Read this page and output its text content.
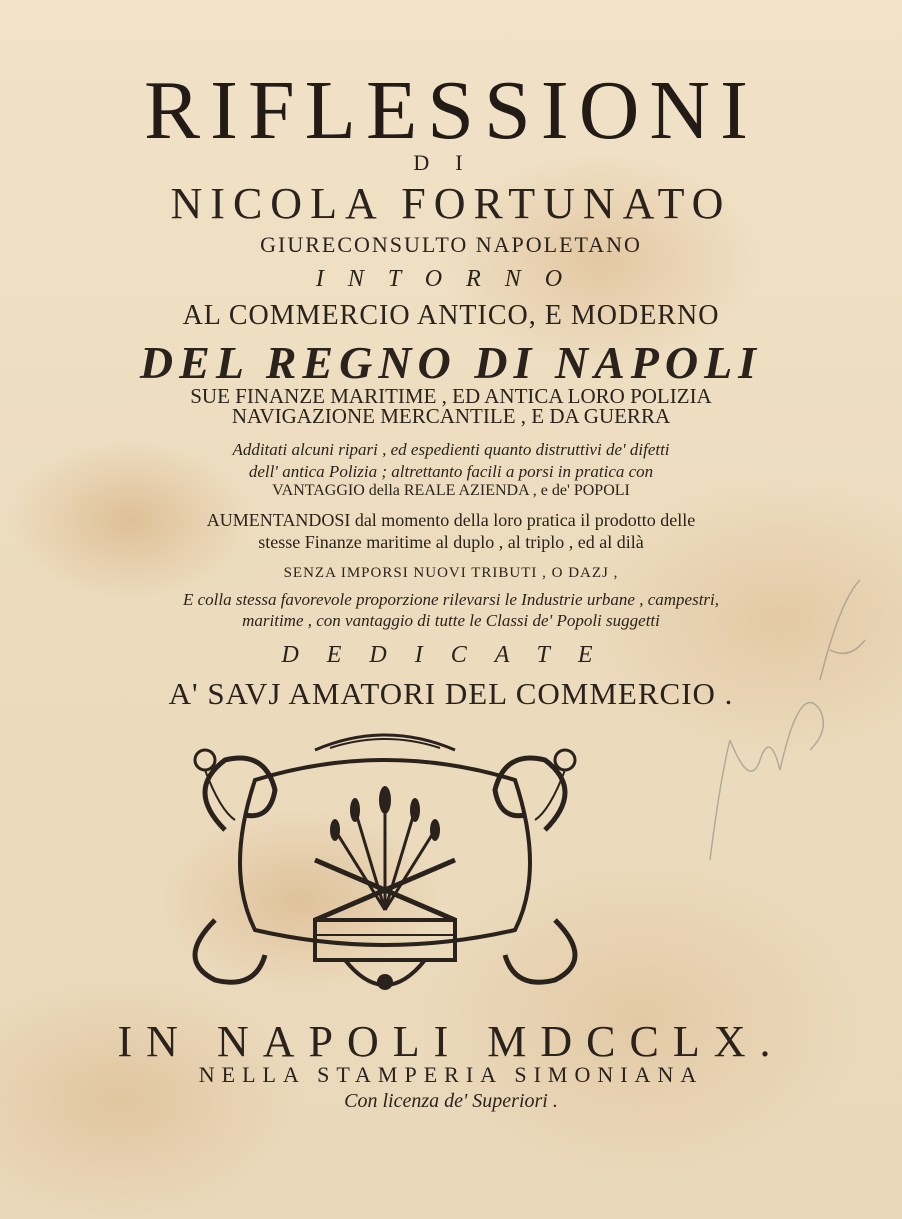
RIFLESSIONI
DI
NICOLA FORTUNATO
GIURECONSULTO NAPOLETANO
INTORNO
AL COMMERCIO ANTICO, E MODERNO
DEL REGNO DI NAPOLI
SUE FINANZE MARITIME , ED ANTICA LORO POLIZIA
NAVIGAZIONE MERCANTILE , E DA GUERRA
Additati alcuni ripari , ed espedienti quanto distruttivi de' difetti
dell' antica Polizia ; altrettanto facili a porsi in pratica con
VANTAGGIO della REALE AZIENDA , e de' POPOLI
AUMENTANDOSI dal momento della loro pratica il prodotto delle
stesse Finanze maritime al duplo , al triplo , ed al dilà
SENZA IMPORSI NUOVI TRIBUTI , O DAZJ ,
E colla stessa favorevole proporzione rilevarsi le Industrie urbane , campestri,
maritime , con vantaggio di tutte le Classi de' Popoli suggetti
DEDICATE
A' SAVJ AMATORI DEL COMMERCIO .
IN NAPOLI MDCCLX.
NELLA STAMPERIA SIMONIANA
Con licenza de' Superiori .
